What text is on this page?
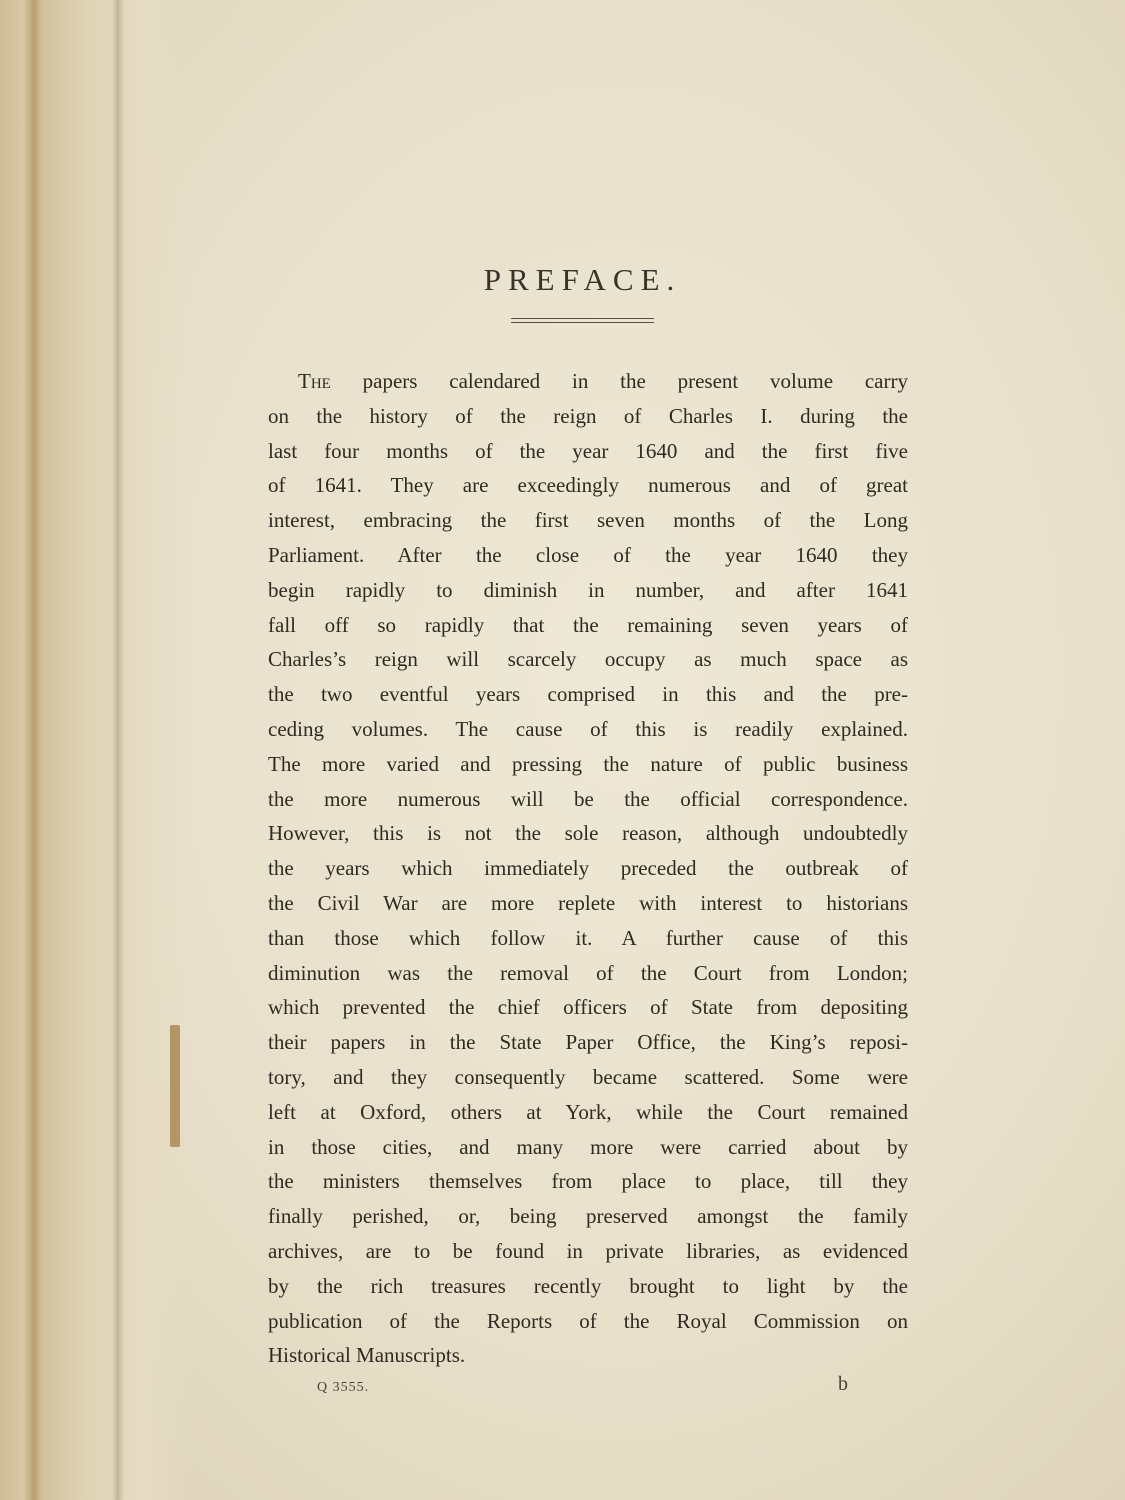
PREFACE.
The papers calendared in the present volume carry
on the history of the reign of Charles I. during the
last four months of the year 1640 and the first five
of 1641. They are exceedingly numerous and of great
interest, embracing the first seven months of the Long
Parliament. After the close of the year 1640 they
begin rapidly to diminish in number, and after 1641
fall off so rapidly that the remaining seven years of
Charles’s reign will scarcely occupy as much space as
the two eventful years comprised in this and the pre-
ceding volumes. The cause of this is readily explained.
The more varied and pressing the nature of public business
the more numerous will be the official correspondence.
However, this is not the sole reason, although undoubtedly
the years which immediately preceded the outbreak of
the Civil War are more replete with interest to historians
than those which follow it. A further cause of this
diminution was the removal of the Court from London;
which prevented the chief officers of State from depositing
their papers in the State Paper Office, the King’s reposi-
tory, and they consequently became scattered. Some were
left at Oxford, others at York, while the Court remained
in those cities, and many more were carried about by
the ministers themselves from place to place, till they
finally perished, or, being preserved amongst the family
archives, are to be found in private libraries, as evidenced
by the rich treasures recently brought to light by the
publication of the Reports of the Royal Commission on
Historical Manuscripts.
Q 3555.	b
